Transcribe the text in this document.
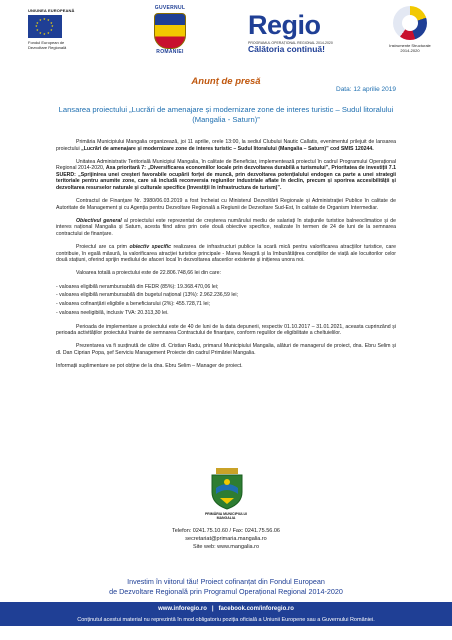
UNIUNEA EUROPEANĂ
★ ★
★
★
★
★
★
★
★
★
★
★
Fondul European de
Dezvoltare Regională
GUVERNUL
ROMÂNIEI
Regio
PROGRAMUL OPERAȚIONAL REGIONAL 2014-2020
Călătoria continuă!	Instrumente Structurale
2014-2020
Anunț de presă
Data: 12 aprilie 2019
Lansarea proiectului „Lucrări de amenajare și modernizare zone de interes turistic – Sudul litoralului (Mangalia - Saturn)”

Primăria Municipiului Mangalia organizează, joi 11 aprilie, orele 13:00, la sediul Clubului Nautic Callatis, evenimentul prilejuit de lansarea proiectului „Lucrări de amenajare și modernizare zone de interes turistic – Sudul litoralului (Mangalia – Saturn)” cod SMIS 120244.

Unitatea Administrativ Teritorială Municipiul Mangalia, în calitate de Beneficiar, implementează proiectul în cadrul Programului Operațional Regional 2014-2020, Axa prioritară 7: „Diversificarea economiilor locale prin dezvoltarea durabilă a turismului”, Prioritatea de investiții 7.1 SUERD: „Sprijinirea unei creșteri favorabile ocupării forței de muncă, prin dezvoltarea potențialului endogen ca parte a unei strategii teritoriale pentru anumite zone, care să includă reconversia regiunilor industriale aflate în declin, precum și sporirea accesibilității și dezvoltarea resurselor naturale și culturale specifice (Investiții în infrastructura de turism)”.

Contractul de Finanțare Nr. 3980/06.03.2019 a fost încheiat cu Ministerul Dezvoltării Regionale și Administrației Publice în calitate de Autoritate de Management și cu Agenția pentru Dezvoltare Regională a Regiunii de Dezvoltare Sud-Est, în calitate de Organism Intermediar.

Obiectivul general al proiectului este reprezentat de creșterea numărului mediu de salariați în stațiunile turistice balneoclimatice și de interes național Mangalia și Saturn, acesta fiind atins prin cele două obiective specifice, realizate în termen de 24 de luni de la semnarea contractului de finanțare.

Proiectul are ca prim obiectiv specific realizarea de infrastructuri publice la scară mică pentru valorificarea atracțiilor turistice, care contribuie, în egală măsură, la valorificarea atracției turistice principale - Marea Neagră și la îmbunătățirea condițiilor de viață ale locuitorilor celor două stațiuni, oferind sprijin mediului de afaceri local în dezvoltarea afacerilor existente și inițierea unora noi.

Valoarea totală a proiectului este de 22.806.748,66 lei din care:

- valoarea eligibilă nerambursabilă din FEDR (85%): 19.368.470,06 lei;
- valoarea eligibilă nerambursabilă din bugetul național (13%): 2.962.236,59 lei;
- valoarea cofinanțării eligibile a beneficiarului (2%): 455.728,71 lei;
- valoarea neeligibilă, inclusiv TVA: 20.313,30 lei.

Perioada de implementare a proiectului este de 40 de luni de la data depunerii, respectiv 01.10.2017 – 31.01.2021, aceasta cuprinzând și perioada activităților proiectului înainte de semnarea Contractului de finanțare, conform regulilor de eligibilitate a cheltuielilor.

Prezentarea va fi susținută de către dl. Cristian Radu, primarul Municipiului Mangalia, alături de managerul de proiect, dna. Ebru Selim și dl. Dan Ciprian Popa, șef Serviciu Management Proiecte din cadrul Primăriei Mangalia.

Informații suplimentare se pot obține de la dna. Ebru Selim – Manager de proiect.

PRIMĂRIA MUNICIPIULUI
MANGALIA
Telefon: 0241.75.10.60 / Fax: 0241.75.56.06
secretariat@primaria.mangalia.ro
Site web: www.mangalia.ro
Investim în viitorul tău! Proiect cofinanțat din Fondul European
de Dezvoltare Regională prin Programul Operațional Regional 2014-2020
www.inforegio.ro | facebook.com/inforegio.ro
Conținutul acestui material nu reprezintă în mod obligatoriu poziția oficială a Uniunii Europene sau a Guvernului României.
